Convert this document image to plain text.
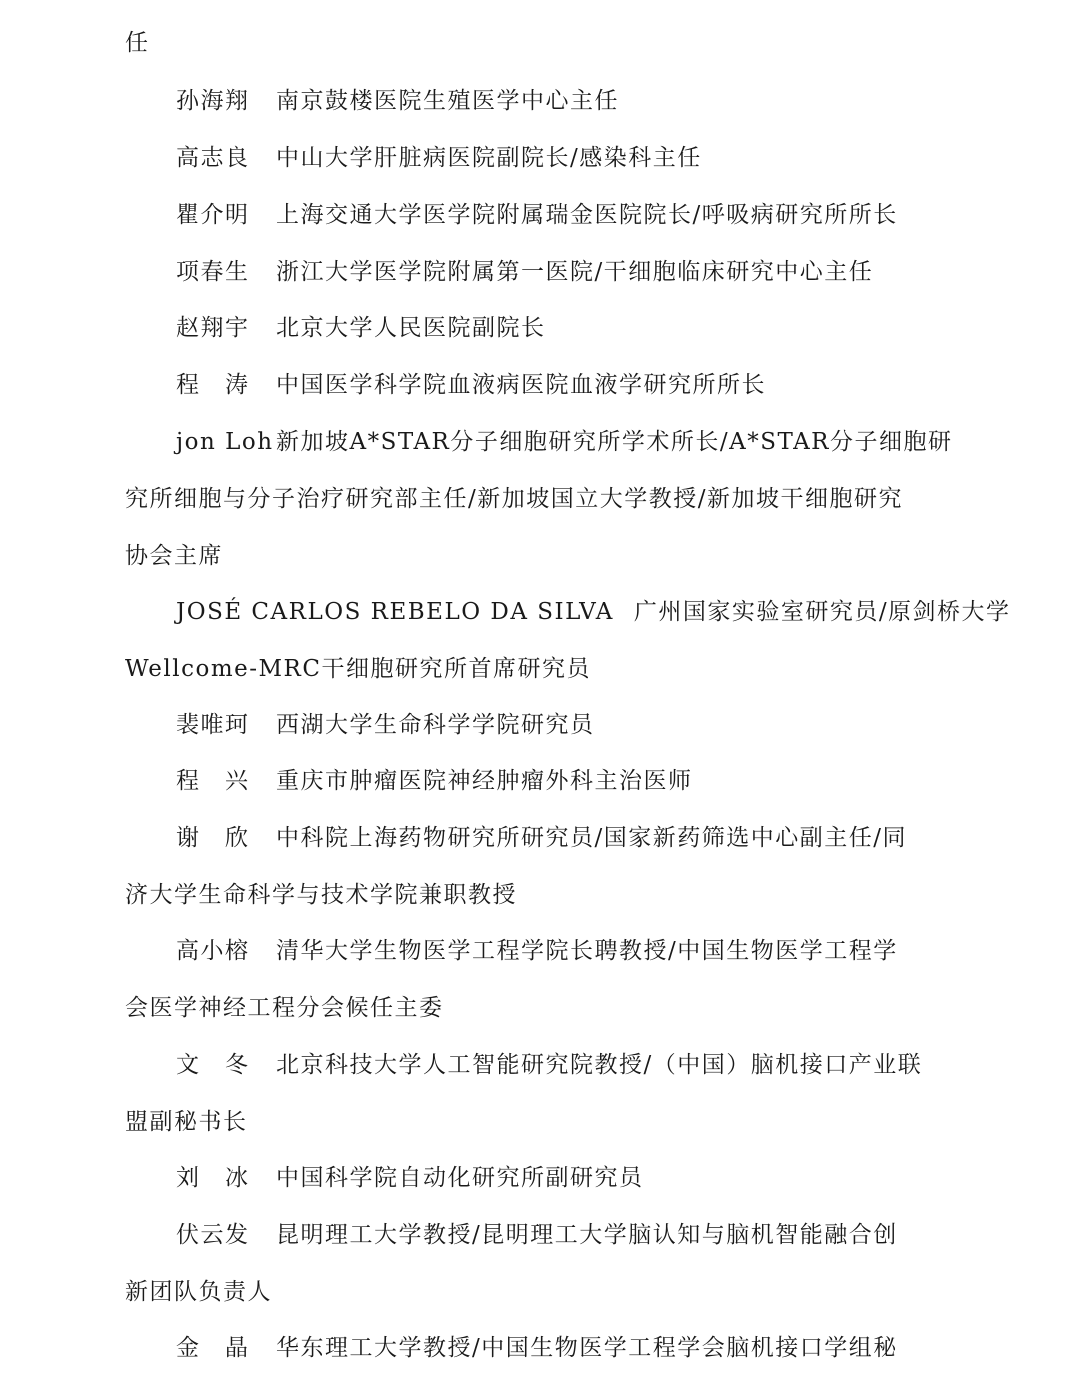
任
孙海翔 南京鼓楼医院生殖医学中心主任
高志良 中山大学肝脏病医院副院长/感染科主任
瞿介明 上海交通大学医学院附属瑞金医院院长/呼吸病研究所所长
项春生 浙江大学医学院附属第一医院/干细胞临床研究中心主任
赵翔宇 北京大学人民医院副院长
程　涛 中国医学科学院血液病医院血液学研究所所长
jon Loh 新加坡A*STAR分子细胞研究所学术所长/A*STAR分子细胞研
究所细胞与分子治疗研究部主任/新加坡国立大学教授/新加坡干细胞研究
协会主席
JOSÉ CARLOS REBELO DA SILVA 广州国家实验室研究员/原剑桥大学
Wellcome-MRC干细胞研究所首席研究员
裴唯珂 西湖大学生命科学学院研究员
程　兴 重庆市肿瘤医院神经肿瘤外科主治医师
谢　欣 中科院上海药物研究所研究员/国家新药筛选中心副主任/同
济大学生命科学与技术学院兼职教授
高小榕 清华大学生物医学工程学院长聘教授/中国生物医学工程学
会医学神经工程分会候任主委
文　冬 北京科技大学人工智能研究院教授/（中国）脑机接口产业联
盟副秘书长
刘　冰 中国科学院自动化研究所副研究员
伏云发 昆明理工大学教授/昆明理工大学脑认知与脑机智能融合创
新团队负责人
金　晶 华东理工大学教授/中国生物医学工程学会脑机接口学组秘
